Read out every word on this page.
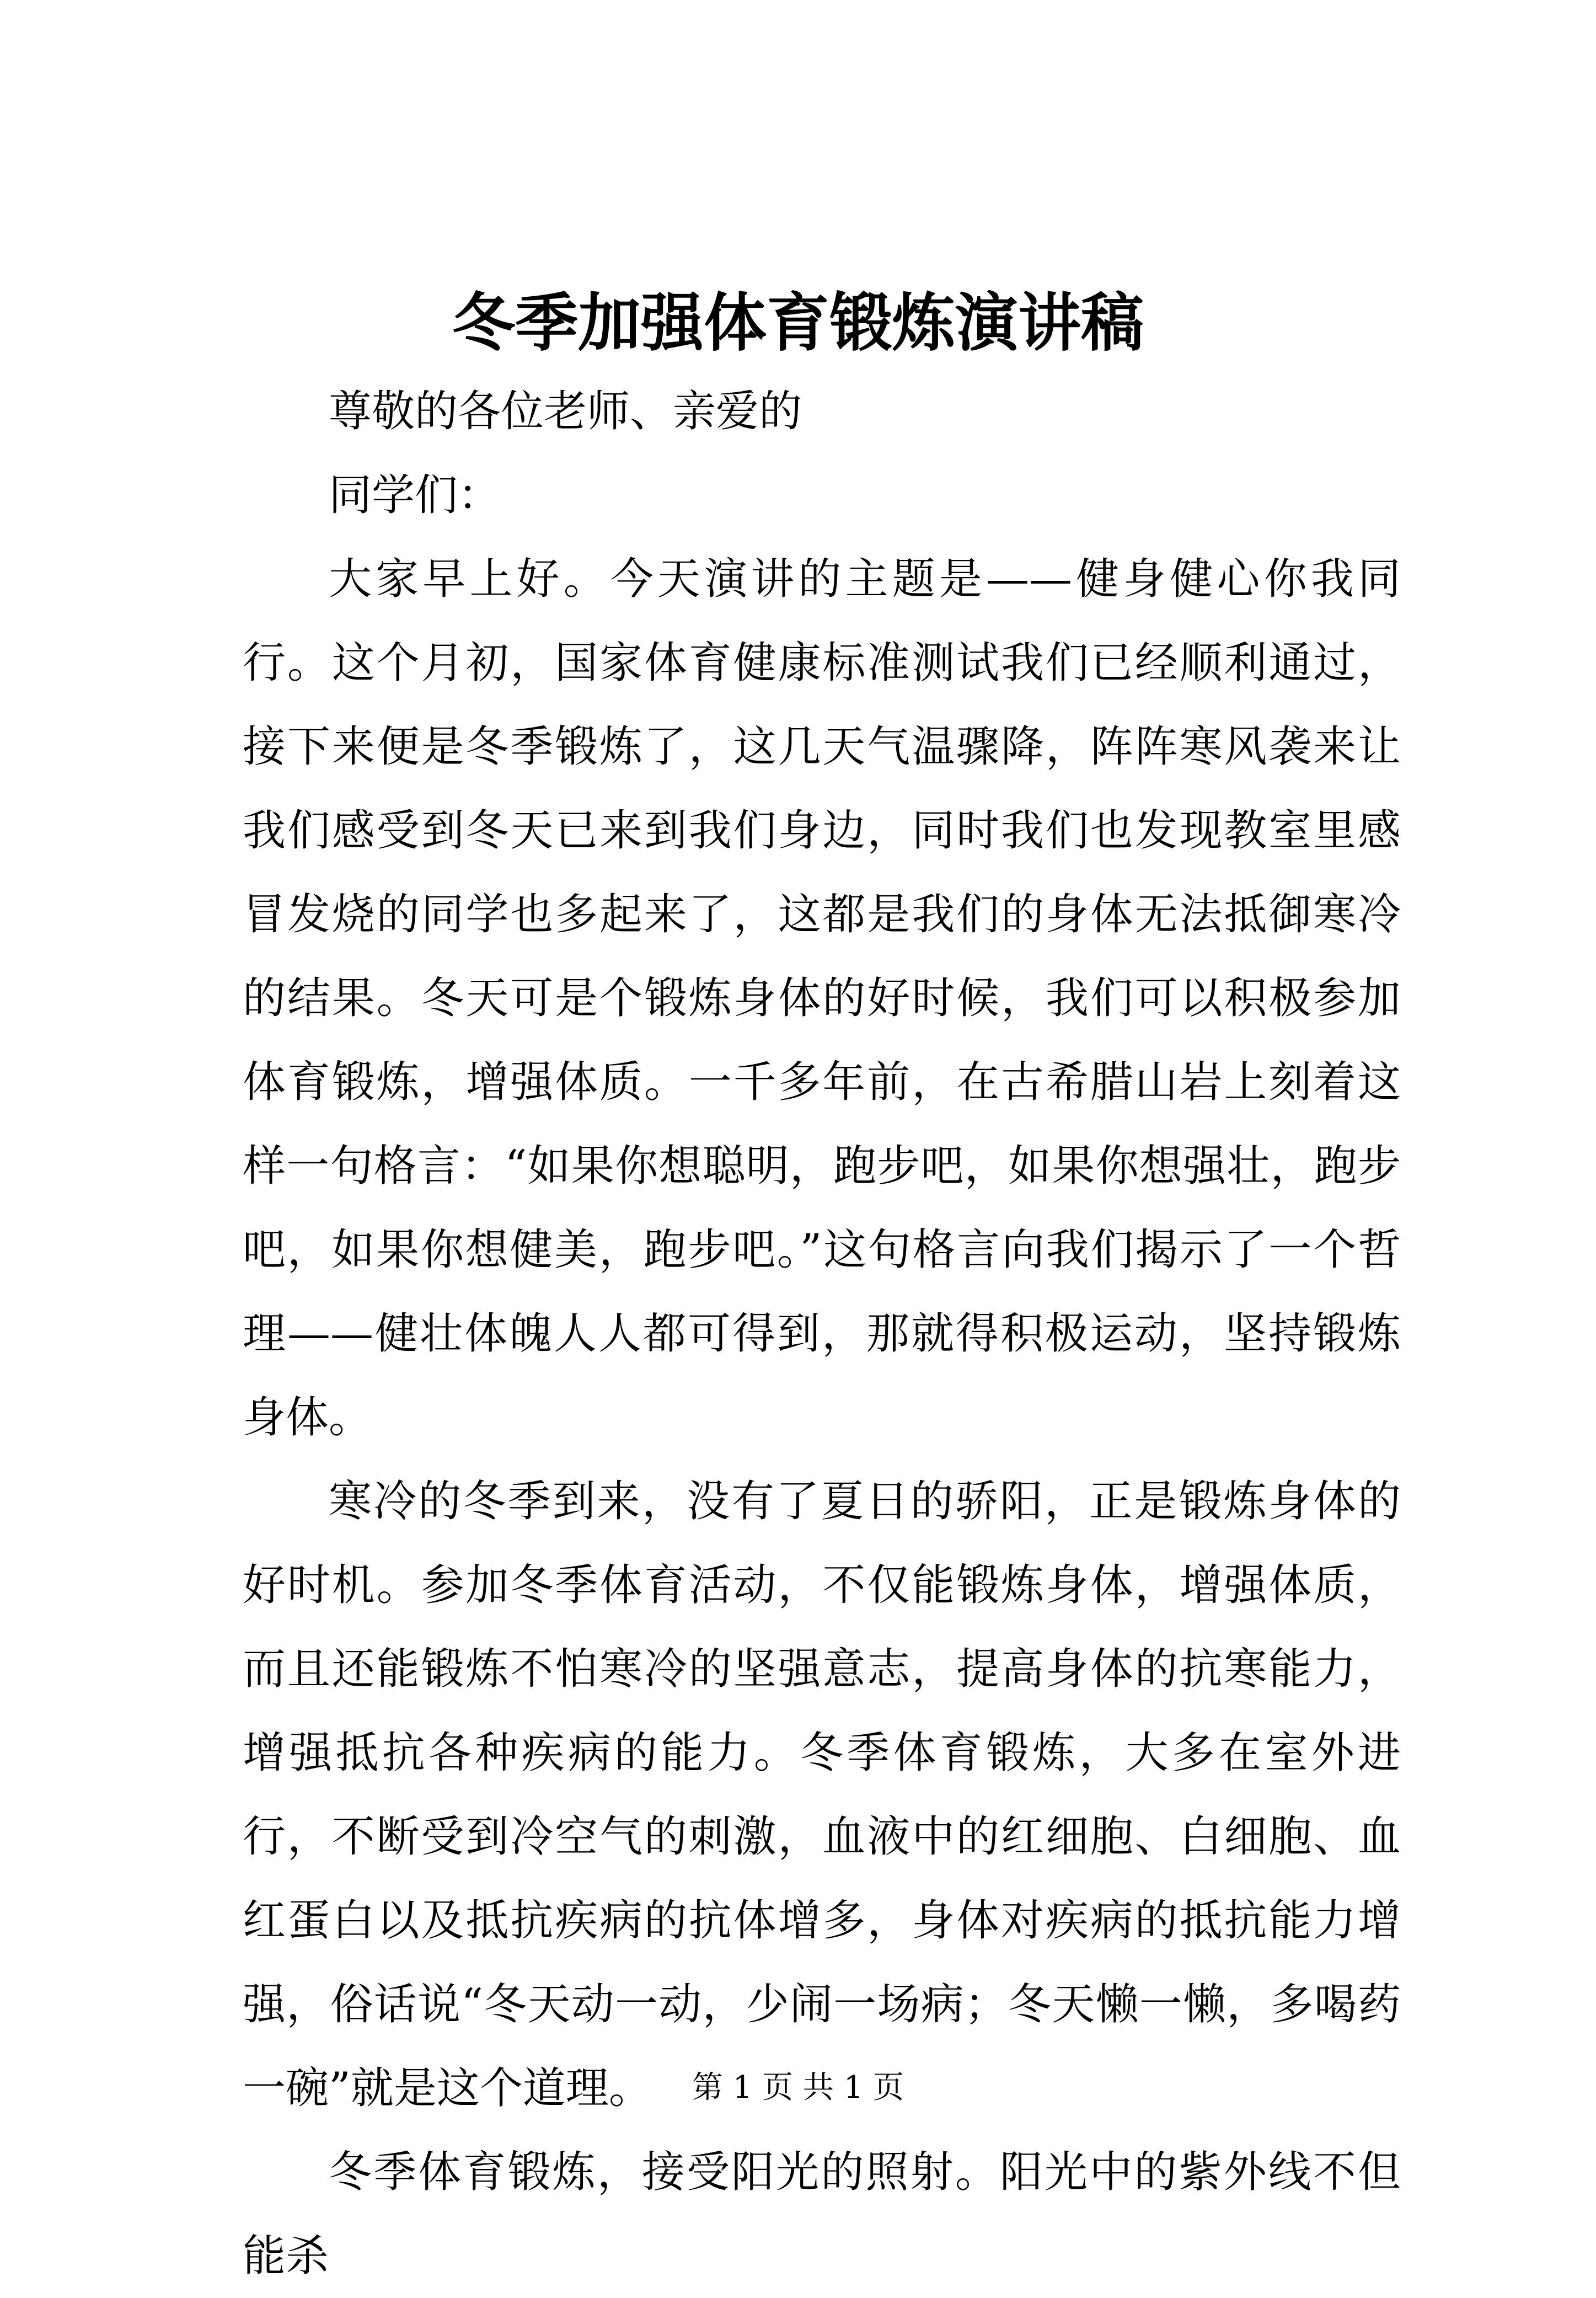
冬季加强体育锻炼演讲稿

尊敬的各位老师、亲爱的

同学们：

大家早上好。今天演讲的主题是——健身健心你我同行。这个月初，国家体育健康标准测试我们已经顺利通过，接下来便是冬季锻炼了，这几天气温骤降，阵阵寒风袭来让我们感受到冬天已来到我们身边，同时我们也发现教室里感冒发烧的同学也多起来了，这都是我们的身体无法抵御寒冷的结果。冬天可是个锻炼身体的好时候，我们可以积极参加体育锻炼，增强体质。一千多年前，在古希腊山岩上刻着这样一句格言：“如果你想聪明，跑步吧，如果你想强壮，跑步吧，如果你想健美，跑步吧。”这句格言向我们揭示了一个哲理——健壮体魄人人都可得到，那就得积极运动，坚持锻炼身体。

寒冷的冬季到来，没有了夏日的骄阳，正是锻炼身体的好时机。参加冬季体育活动，不仅能锻炼身体，增强体质，而且还能锻炼不怕寒冷的坚强意志，提高身体的抗寒能力，增强抵抗各种疾病的能力。冬季体育锻炼，大多在室外进行，不断受到冷空气的刺激，血液中的红细胞、白细胞、血红蛋白以及抵抗疾病的抗体增多，身体对疾病的抵抗能力增强，俗话说“冬天动一动，少闹一场病；冬天懒一懒，多喝药一碗”就是这个道理。

冬季体育锻炼，接受阳光的照射。阳光中的紫外线不但能杀

第 1 页 共 1 页
